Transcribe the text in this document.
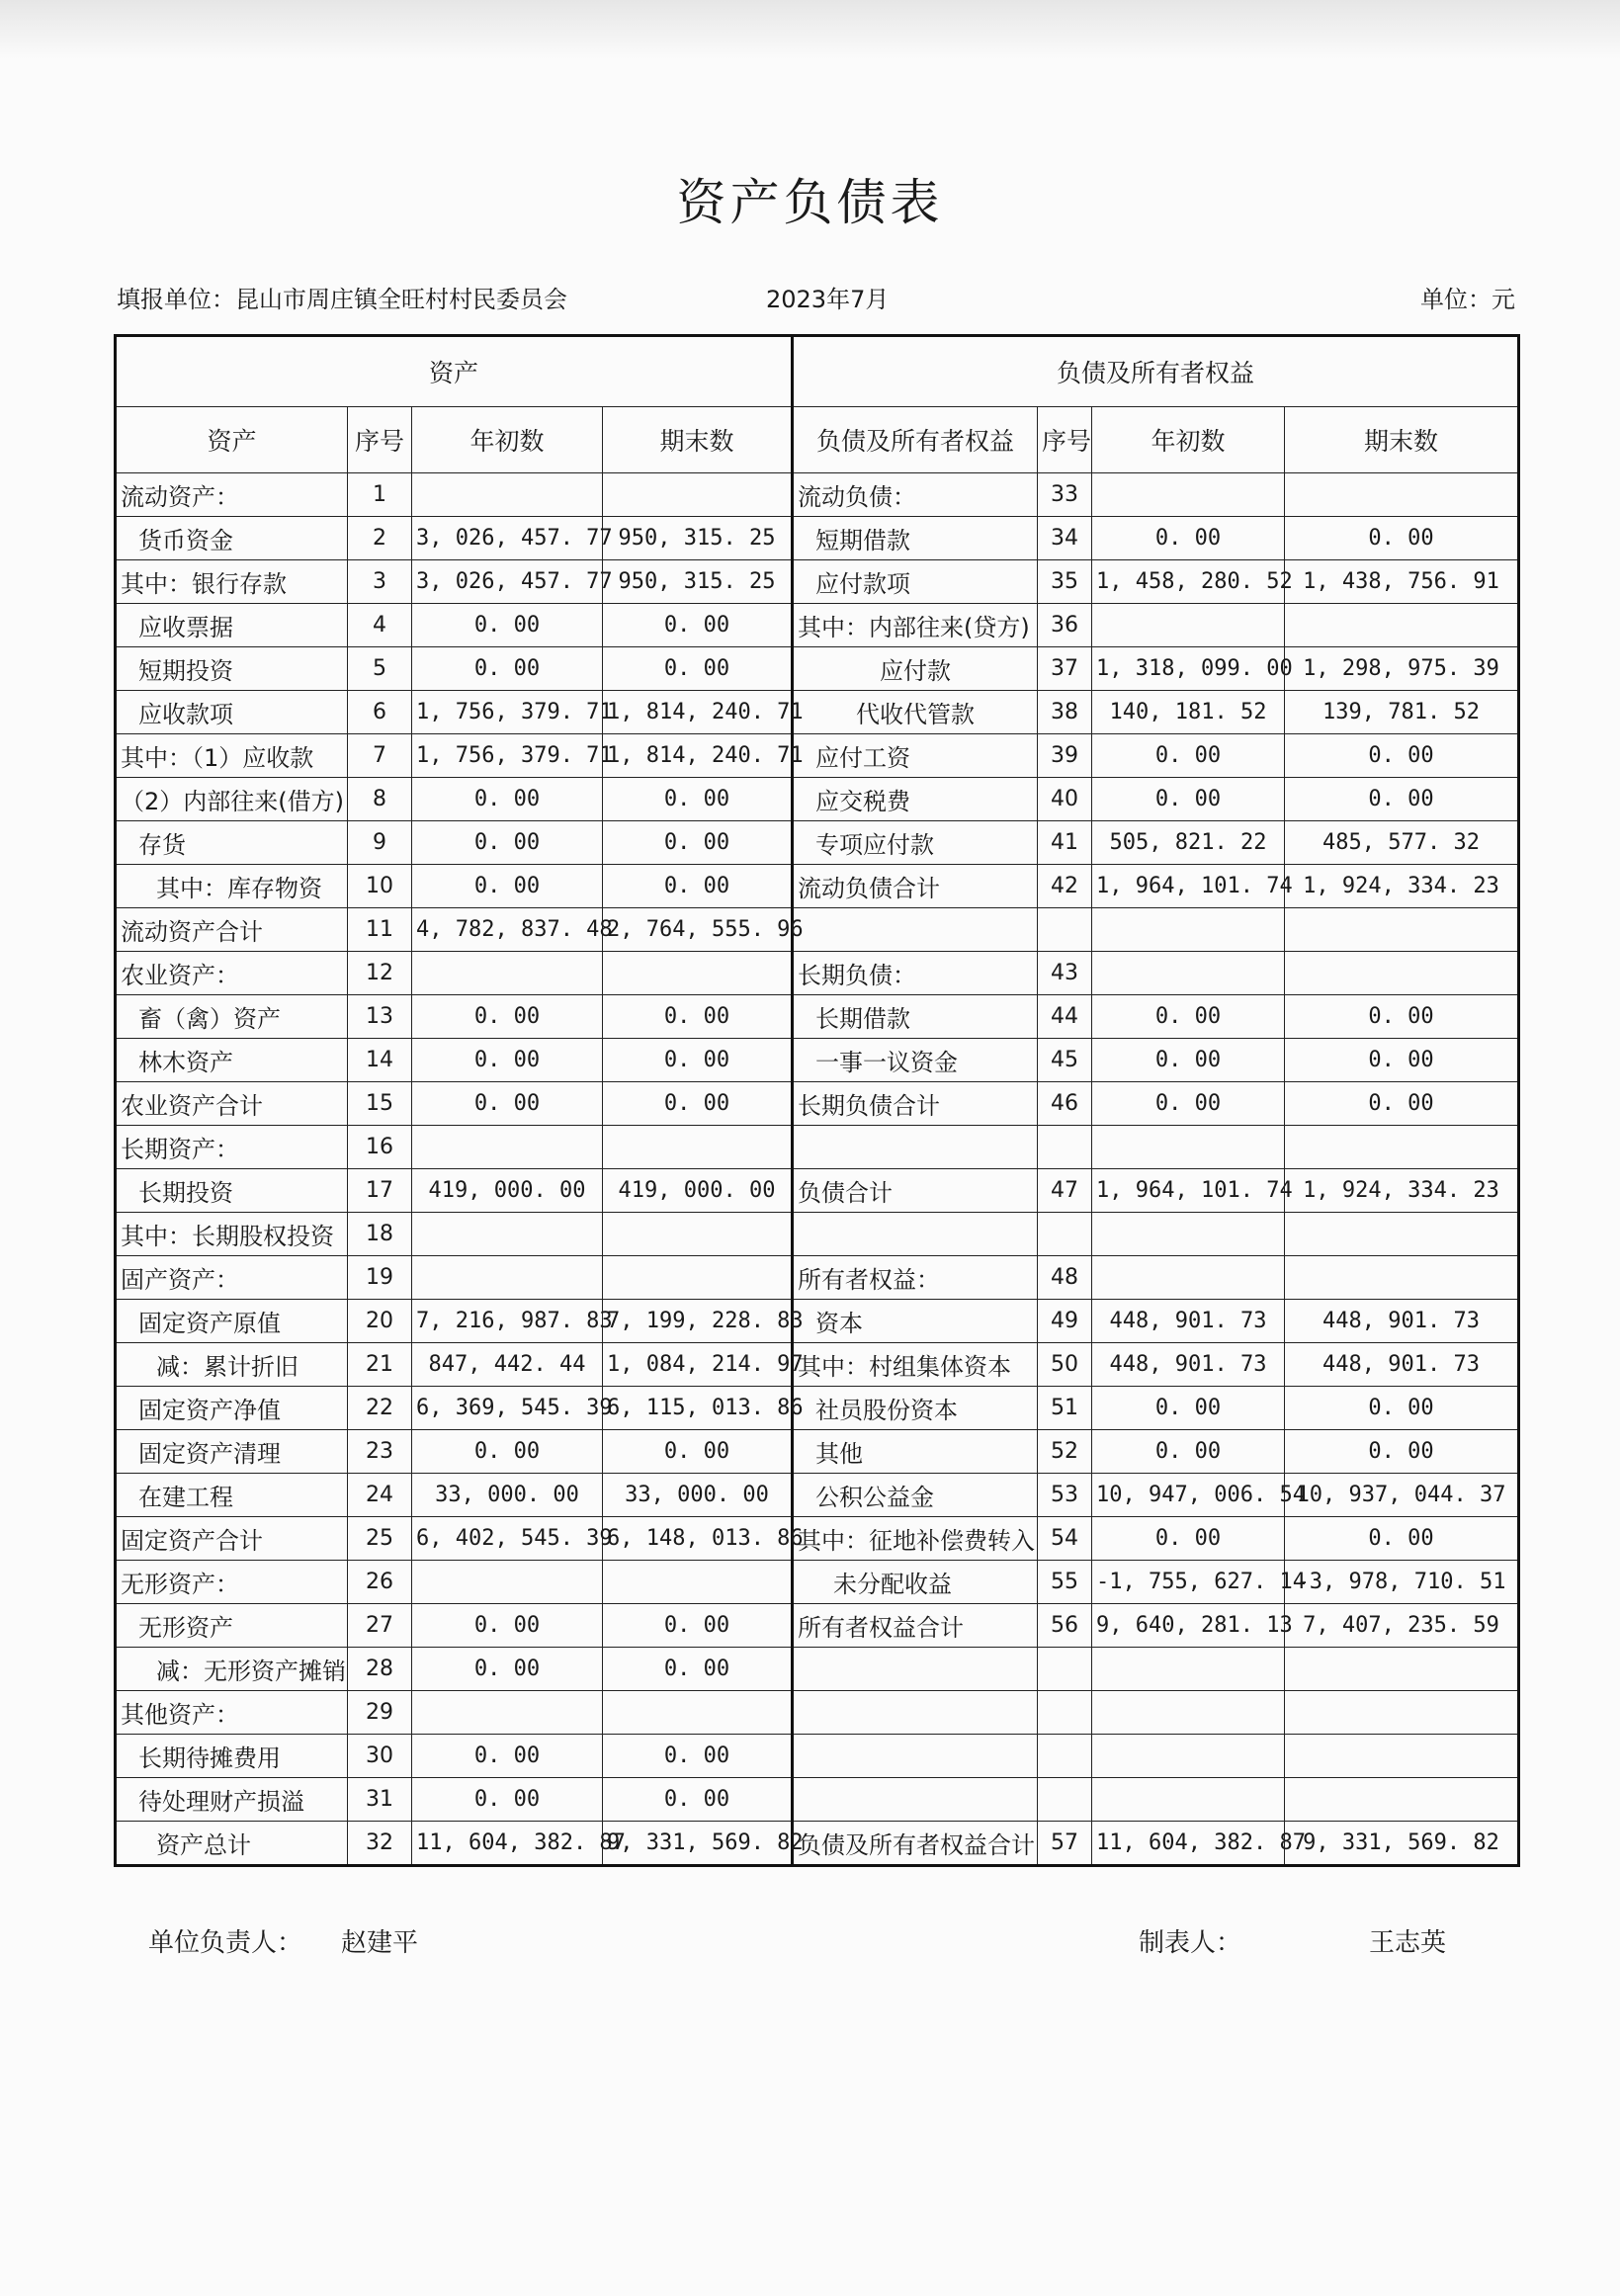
资产负债表
填报单位：昆山市周庄镇全旺村村民委员会	2023年7月	单位：元
资产				负债及所有者权益			
资产	序号	年初数	期末数	负债及所有者权益	序号	年初数	期末数
流动资产：	1			流动负债：	33		
货币资金	2	3, 026, 457. 77	950, 315. 25	短期借款	34	0. 00	0. 00
其中：银行存款	3	3, 026, 457. 77	950, 315. 25	应付款项	35	1, 458, 280. 52	1, 438, 756. 91
应收票据	4	0. 00	0. 00	其中：内部往来(贷方)	36		
短期投资	5	0. 00	0. 00	应付款	37	1, 318, 099. 00	1, 298, 975. 39
应收款项	6	1, 756, 379. 71	1, 814, 240. 71	代收代管款	38	140, 181. 52	139, 781. 52
其中：（1）应收款	7	1, 756, 379. 71	1, 814, 240. 71	应付工资	39	0. 00	0. 00
（2）内部往来(借方)	8	0. 00	0. 00	应交税费	40	0. 00	0. 00
存货	9	0. 00	0. 00	专项应付款	41	505, 821. 22	485, 577. 32
其中：库存物资	10	0. 00	0. 00	流动负债合计	42	1, 964, 101. 74	1, 924, 334. 23
流动资产合计	11	4, 782, 837. 48	2, 764, 555. 96				
农业资产：	12			长期负债：	43		
畜（禽）资产	13	0. 00	0. 00	长期借款	44	0. 00	0. 00
林木资产	14	0. 00	0. 00	一事一议资金	45	0. 00	0. 00
农业资产合计	15	0. 00	0. 00	长期负债合计	46	0. 00	0. 00
长期资产：	16						
长期投资	17	419, 000. 00	419, 000. 00	负债合计	47	1, 964, 101. 74	1, 924, 334. 23
其中：长期股权投资	18						
固产资产：	19			所有者权益：	48		
固定资产原值	20	7, 216, 987. 83	7, 199, 228. 83	资本	49	448, 901. 73	448, 901. 73
减：累计折旧	21	847, 442. 44	1, 084, 214. 97	其中：村组集体资本	50	448, 901. 73	448, 901. 73
固定资产净值	22	6, 369, 545. 39	6, 115, 013. 86	社员股份资本	51	0. 00	0. 00
固定资产清理	23	0. 00	0. 00	其他	52	0. 00	0. 00
在建工程	24	33, 000. 00	33, 000. 00	公积公益金	53	10, 947, 006. 54	10, 937, 044. 37
固定资产合计	25	6, 402, 545. 39	6, 148, 013. 86	其中：征地补偿费转入	54	0. 00	0. 00
无形资产：	26			未分配收益	55	-1, 755, 627. 14	-3, 978, 710. 51
无形资产	27	0. 00	0. 00	所有者权益合计	56	9, 640, 281. 13	7, 407, 235. 59
减：无形资产摊销	28	0. 00	0. 00				
其他资产：	29						
长期待摊费用	30	0. 00	0. 00				
待处理财产损溢	31	0. 00	0. 00				
资产总计	32	11, 604, 382. 87	9, 331, 569. 82	负债及所有者权益合计	57	11, 604, 382. 87	9, 331, 569. 82
单位负责人： 赵建平	制表人：	王志英
